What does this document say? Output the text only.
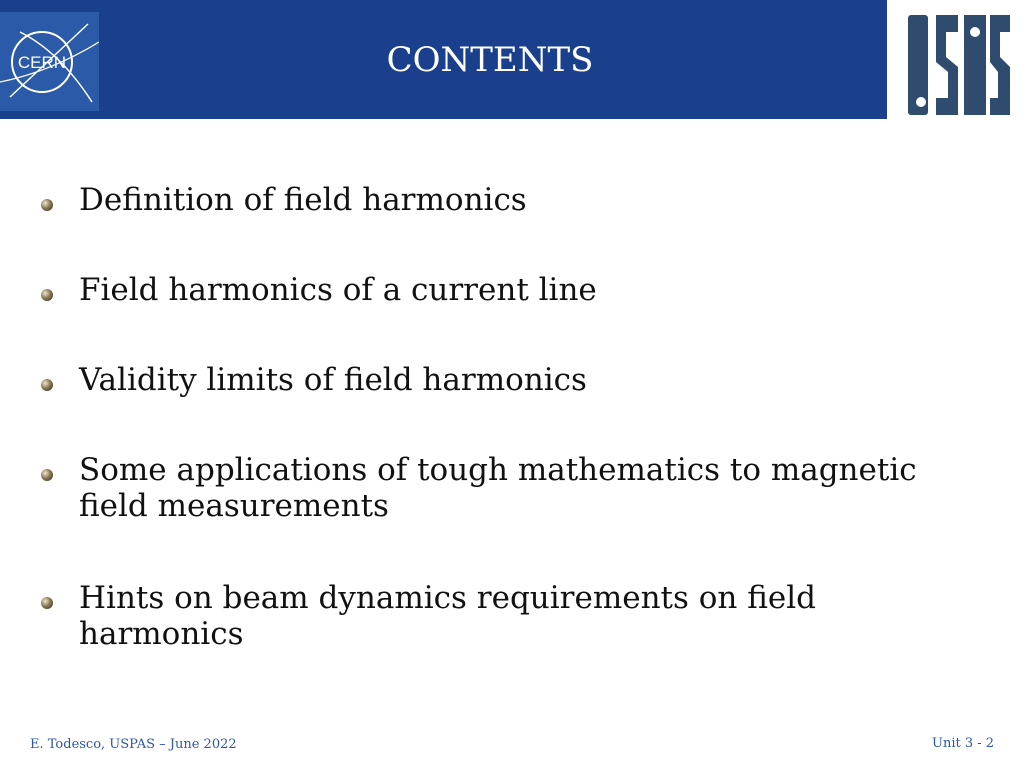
CERN	CONTENTS	USPAS
Definition of field harmonics
Field harmonics of a current line
Validity limits of field harmonics
Some applications of tough mathematics to magnetic field measurements
Hints on beam dynamics requirements on field harmonics
E. Todesco, USPAS – June 2022	Unit 3 - 2
